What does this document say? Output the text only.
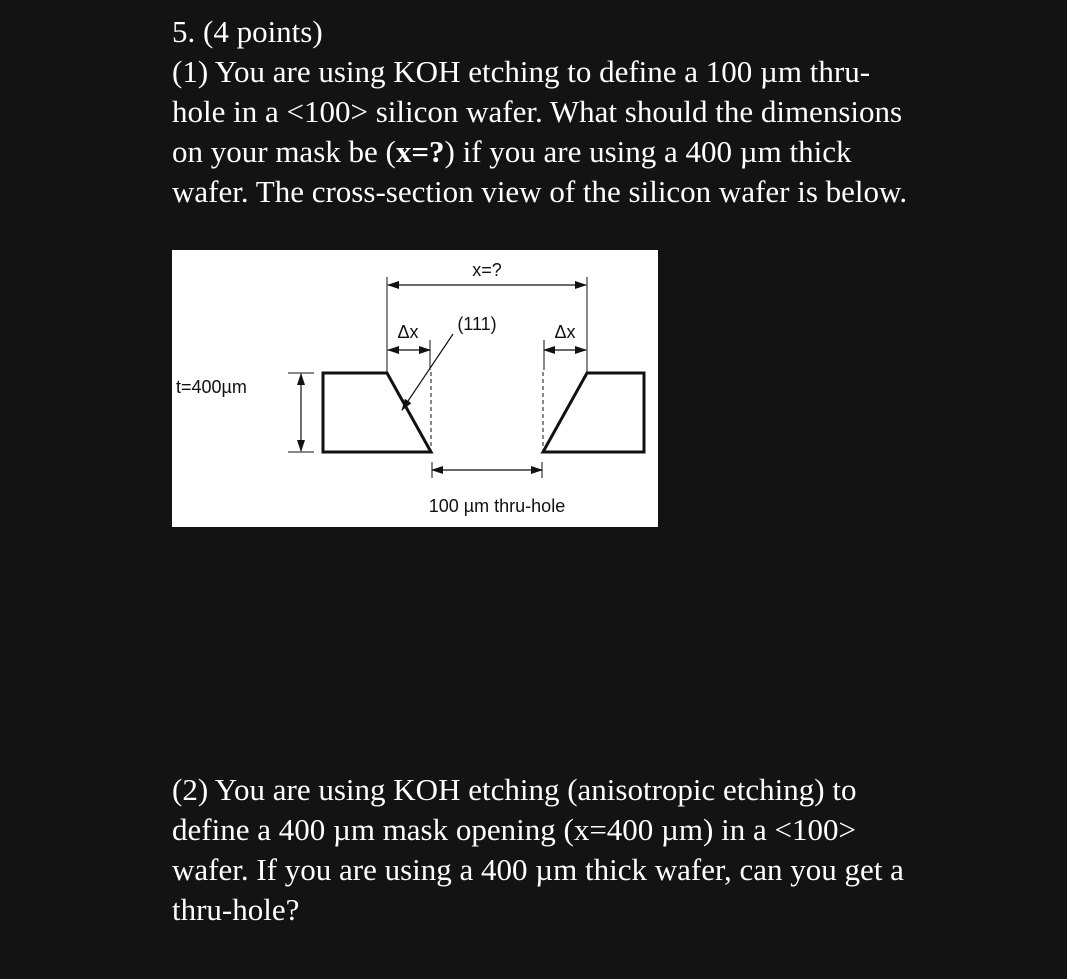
5. (4 points)
(1) You are using KOH etching to define a 100 µm thru-
hole in a <100> silicon wafer. What should the dimensions
on your mask be (x=?) if you are using a 400 µm thick
wafer. The cross-section view of the silicon wafer is below.
x=?
Δx (111)	Δx
t=400µm
100 µm thru-hole
(2) You are using KOH etching (anisotropic etching) to
define a 400 µm mask opening (x=400 µm) in a <100>
wafer. If you are using a 400 µm thick wafer, can you get a
thru-hole?
